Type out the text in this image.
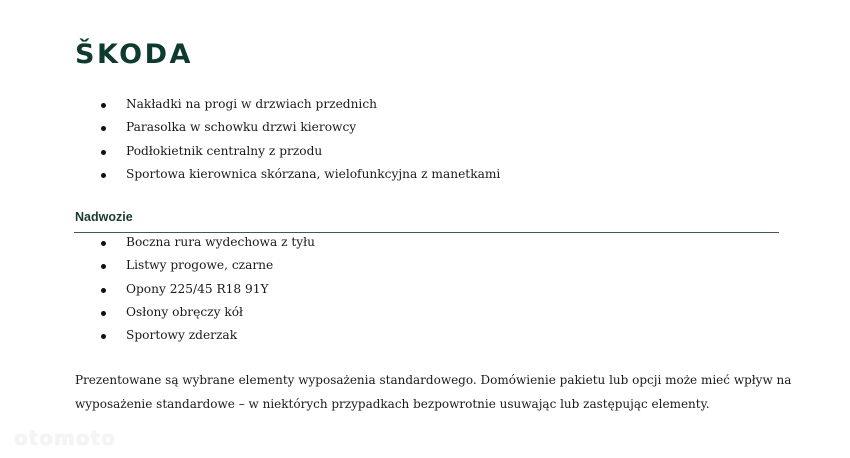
ŠKODA
Nakładki na progi w drzwiach przednich
Parasolka w schowku drzwi kierowcy
Podłokietnik centralny z przodu
Sportowa kierownica skórzana, wielofunkcyjna z manetkami
Nadwozie
Boczna rura wydechowa z tyłu
Listwy progowe, czarne
Opony 225/45 R18 91Y
Osłony obręczy kół
Sportowy zderzak

Prezentowane są wybrane elementy wyposażenia standardowego. Domówienie pakietu lub opcji może mieć wpływ na

wyposażenie standardowe – w niektórych przypadkach bezpowrotnie usuwając lub zastępując elementy.

otomoto
